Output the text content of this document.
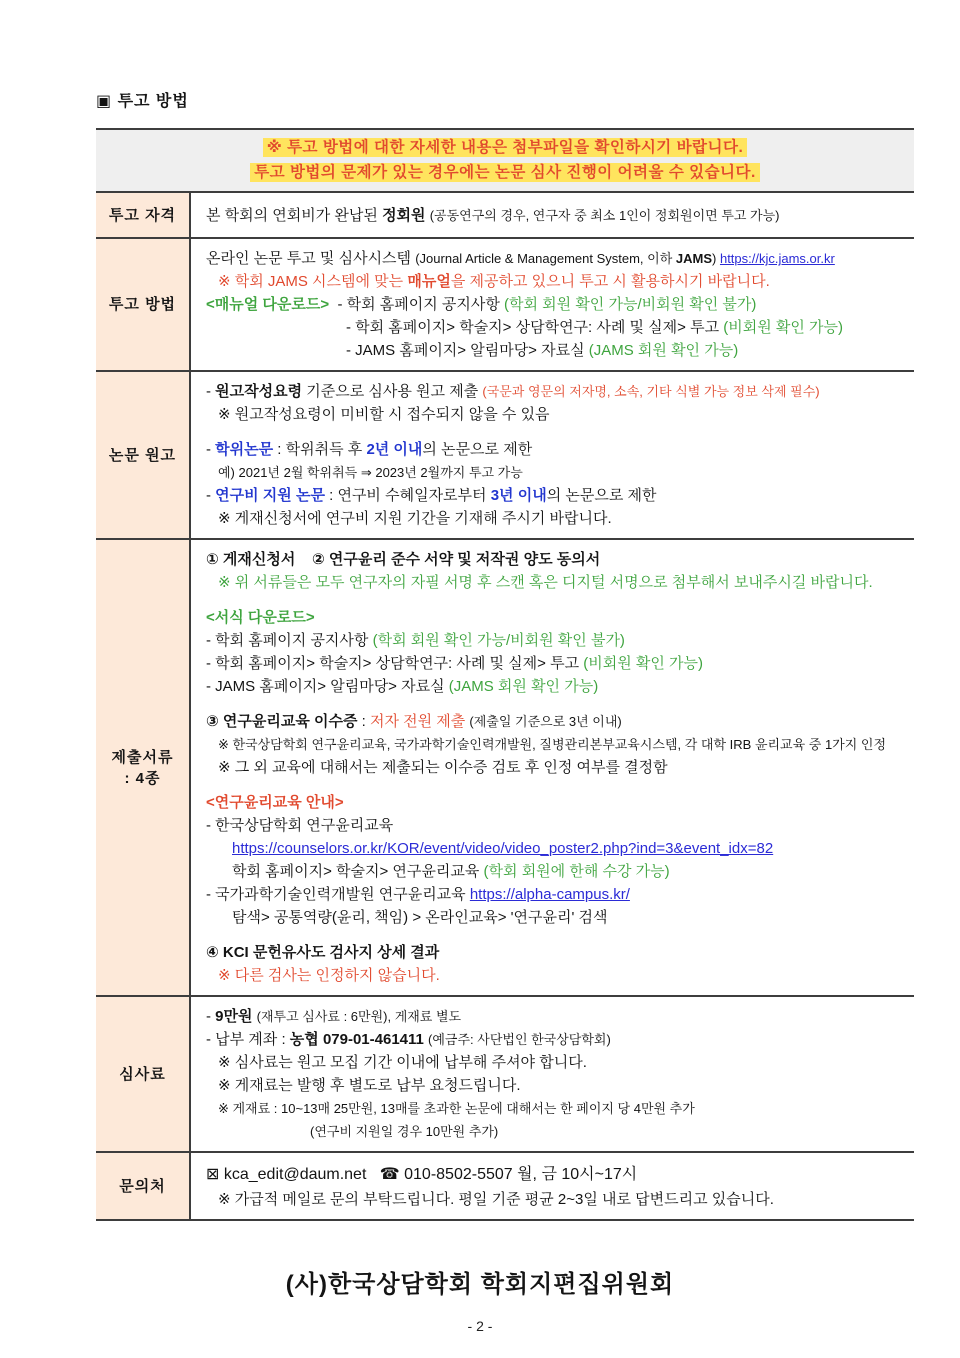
▣ 투고 방법
※ 투고 방법에 대한 자세한 내용은 첨부파일을 확인하시기 바랍니다.
투고 방법의 문제가 있는 경우에는 논문 심사 진행이 어려울 수 있습니다.
투고 자격 본 학회의 연회비가 완납된 정회원 (공동연구의 경우, 연구자 중 최소 1인이 정회원이면 투고 가능)
투고 방법
온라인 논문 투고 및 심사시스템 (Journal Article & Management System, 이하 JAMS) https://kjc.jams.or.kr
※ 학회 JAMS 시스템에 맞는 매뉴얼을 제공하고 있으니 투고 시 활용하시기 바랍니다.
<매뉴얼 다운로드>  - 학회 홈페이지 공지사항 (학회 회원 확인 가능/비회원 확인 불가)
- 학회 홈페이지> 학술지> 상담학연구: 사례 및 실제> 투고 (비회원 확인 가능)
- JAMS 홈페이지> 알림마당> 자료실 (JAMS 회원 확인 가능)
논문 원고
- 원고작성요령 기준으로 심사용 원고 제출 (국문과 영문의 저자명, 소속, 기타 식별 가능 정보 삭제 필수)
※ 원고작성요령이 미비할 시 접수되지 않을 수 있음
- 학위논문 : 학위취득 후 2년 이내의 논문으로 제한
예) 2021년 2월 학위취득 ⇒ 2023년 2월까지 투고 가능
- 연구비 지원 논문 : 연구비 수혜일자로부터 3년 이내의 논문으로 제한
※ 게재신청서에 연구비 지원 기간을 기재해 주시기 바랍니다.
제출서류
: 4종
① 게재신청서    ② 연구윤리 준수 서약 및 저작권 양도 동의서
※ 위 서류들은 모두 연구자의 자필 서명 후 스캔 혹은 디지털 서명으로 첨부해서 보내주시길 바랍니다.
<서식 다운로드>
- 학회 홈페이지 공지사항 (학회 회원 확인 가능/비회원 확인 불가)
- 학회 홈페이지> 학술지> 상담학연구: 사례 및 실제> 투고 (비회원 확인 가능)
- JAMS 홈페이지> 알림마당> 자료실 (JAMS 회원 확인 가능)
③ 연구윤리교육 이수증 : 저자 전원 제출 (제출일 기준으로 3년 이내)
※ 한국상담학회 연구윤리교육, 국가과학기술인력개발원, 질병관리본부교육시스템, 각 대학 IRB 윤리교육 중 1가지 인정
※ 그 외 교육에 대해서는 제출되는 이수증 검토 후 인정 여부를 결정함
<연구윤리교육 안내>
- 한국상담학회 연구윤리교육
https://counselors.or.kr/KOR/event/video/video_poster2.php?ind=3&event_idx=82
학회 홈페이지> 학술지> 연구윤리교육 (학회 회원에 한해 수강 가능)
- 국가과학기술인력개발원 연구윤리교육 https://alpha-campus.kr/
탐색> 공통역량(윤리, 책임) > 온라인교육> '연구윤리' 검색
④ KCI 문헌유사도 검사지 상세 결과
※ 다른 검사는 인정하지 않습니다.
심사료
- 9만원 (재투고 심사료 : 6만원), 게재료 별도
- 납부 계좌 : 농협 079-01-461411 (예금주: 사단법인 한국상담학회)
※ 심사료는 원고 모집 기간 이내에 납부해 주셔야 합니다.
※ 게재료는 발행 후 별도로 납부 요청드립니다.
※ 게재료 : 10~13매 25만원, 13매를 초과한 논문에 대해서는 한 페이지 당 4만원 추가
(연구비 지원일 경우 10만원 추가)
문의처
⊠ kca_edit@daum.net   ☎ 010-8502-5507 월, 금 10시~17시
※ 가급적 메일로 문의 부탁드립니다. 평일 기준 평균 2~3일 내로 답변드리고 있습니다.
(사)한국상담학회 학회지편집위원회
- 2 -
